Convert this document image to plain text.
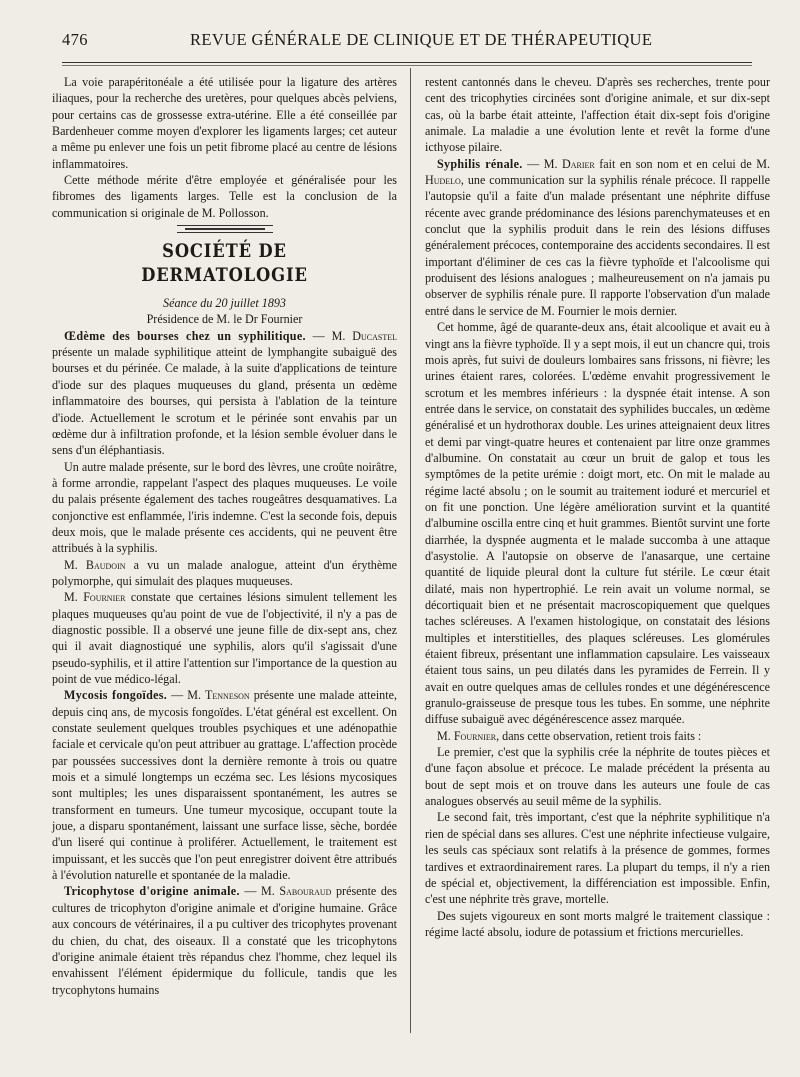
476	REVUE GÉNÉRALE DE CLINIQUE ET DE THÉRAPEUTIQUE

La voie parapéritonéale a été utilisée pour la ligature des artères iliaques, pour la recherche des uretères, pour quelques abcès pelviens, pour certains cas de grossesse extra-utérine. Elle a été conseillée par Bardenheuer comme moyen d'explorer les ligaments larges; cet auteur a même pu enlever une fois un petit fibrome placé au centre de lésions inflammatoires.

Cette méthode mérite d'être employée et généralisée pour les fibromes des ligaments larges. Telle est la conclusion de la communication si originale de M. Pollosson.

SOCIÉTÉ DE DERMATOLOGIE

Séance du 20 juillet 1893

Présidence de M. le Dr Fournier

Œdème des bourses chez un syphilitique. — M. Ducastel présente un malade syphilitique atteint de lymphangite subaiguë des bourses et du périnée. Ce malade, à la suite d'applications de teinture d'iode sur des plaques muqueuses du gland, présenta un œdème inflammatoire des bourses, qui persista à l'ablation de la teinture d'iode. Actuellement le scrotum et le périnée sont envahis par un œdème dur à infiltration profonde, et la lésion semble évoluer dans le sens d'un éléphantiasis.

Un autre malade présente, sur le bord des lèvres, une croûte noirâtre, à forme arrondie, rappelant l'aspect des plaques muqueuses. Le voile du palais présente également des taches rougeâtres desquamatives. La conjonctive est enflammée, l'iris indemne. C'est la seconde fois, depuis deux mois, que le malade présente ces accidents, qui ne peuvent être attribués à la syphilis.

M. Baudoin a vu un malade analogue, atteint d'un érythème polymorphe, qui simulait des plaques muqueuses.

M. Fournier constate que certaines lésions simulent tellement les plaques muqueuses qu'au point de vue de l'objectivité, il n'y a pas de diagnostic possible. Il a observé une jeune fille de dix-sept ans, chez qui il avait diagnostiqué une syphilis, alors qu'il s'agissait d'une pseudo-syphilis, et il attire l'attention sur l'importance de la question au point de vue médico-légal.

Mycosis fongoïdes. — M. Tenneson présente une malade atteinte, depuis cinq ans, de mycosis fongoïdes. L'état général est excellent. On constate seulement quelques troubles psychiques et une adénopathie faciale et cervicale qu'on peut attribuer au grattage. L'affection procède par poussées successives dont la dernière remonte à trois ou quatre mois et a simulé longtemps un eczéma sec. Les lésions mycosiques sont multiples; les unes disparaissent spontanément, les autres se transforment en tumeurs. Une tumeur mycosique, occupant toute la joue, a disparu spontanément, laissant une surface lisse, sèche, bordée d'un liseré qui continue à proliférer. Actuellement, le traitement est impuissant, et les succès que l'on peut enregistrer doivent être attribués à l'évolution naturelle et spontanée de la maladie.

Tricophytose d'origine animale. — M. Sabouraud présente des cultures de tricophyton d'origine animale et d'origine humaine. Grâce aux concours de vétérinaires, il a pu cultiver des tricophytes provenant du chien, du chat, des oiseaux. Il a constaté que les tricophytons d'origine animale étaient très répandus chez l'homme, chez lequel ils envahissent l'élément épidermique du follicule, tandis que les trycophytons humains

restent cantonnés dans le cheveu. D'après ses recherches, trente pour cent des tricophyties circinées sont d'origine animale, et sur dix-sept cas, où la barbe était atteinte, l'affection était dix-sept fois d'origine animale. La maladie a une évolution lente et revêt la forme d'une icthyose pilaire.

Syphilis rénale. — M. Darier fait en son nom et en celui de M. Hudelo, une communication sur la syphilis rénale précoce. Il rappelle l'autopsie qu'il a faite d'un malade présentant une néphrite diffuse récente avec grande prédominance des lésions parenchymateuses et en conclut que la syphilis produit dans le rein des lésions diffuses généralement précoces, contemporaine des accidents secondaires. Il est important d'éliminer de ces cas la fièvre typhoïde et l'alcoolisme qui produisent des lésions analogues ; malheureusement on n'a jamais pu observer de syphilis rénale pure. Il rapporte l'observation d'un malade entré dans le service de M. Fournier le mois dernier.

Cet homme, âgé de quarante-deux ans, était alcoolique et avait eu à vingt ans la fièvre typhoïde. Il y a sept mois, il eut un chancre qui, trois mois après, fut suivi de douleurs lombaires sans frissons, ni fièvre; les urines étaient rares, colorées. L'œdème envahit progressivement le scrotum et les membres inférieurs : la dyspnée était intense. A son entrée dans le service, on constatait des syphilides buccales, un œdème généralisé et un hydrothorax double. Les urines atteignaient deux litres et demi par vingt-quatre heures et contenaient par litre onze grammes d'albumine. On constatait au cœur un bruit de galop et tous les symptômes de la petite urémie : doigt mort, etc. On mit le malade au régime lacté absolu ; on le soumit au traitement ioduré et mercuriel et on fit une ponction. Une légère amélioration survint et la quantité d'albumine oscilla entre cinq et huit grammes. Bientôt survint une forte diarrhée, la dyspnée augmenta et le malade succomba à une attaque d'asystolie. A l'autopsie on observe de l'anasarque, une certaine quantité de liquide pleural dont la culture fut stérile. Le cœur était dilaté, mais non hypertrophié. Le rein avait un volume normal, se décortiquait bien et ne présentait macroscopiquement que quelques taches scléreuses. A l'examen histologique, on constatait des lésions multiples et interstitielles, des plaques scléreuses. Les glomérules étaient fibreux, présentant une inflammation capsulaire. Les vaisseaux étaient tous sains, un peu dilatés dans les pyramides de Ferrein. Il y avait en outre quelques amas de cellules rondes et une dégénérescence granulo-graisseuse de presque tous les tubes. En somme, une néphrite diffuse subaiguë avec dégénérescence assez marquée.

M. Fournier, dans cette observation, retient trois faits :

Le premier, c'est que la syphilis crée la néphrite de toutes pièces et d'une façon absolue et précoce. Le malade précédent la présenta au bout de sept mois et on trouve dans les auteurs une foule de cas analogues observés au seuil même de la syphilis.

Le second fait, très important, c'est que la néphrite syphilitique n'a rien de spécial dans ses allures. C'est une néphrite infectieuse vulgaire, les seuls cas spéciaux sont relatifs à la présence de gommes, formes tardives et extraordinairement rares. La plupart du temps, il n'y a rien de spécial et, objectivement, la différenciation est impossible. Enfin, c'est une néphrite très grave, mortelle.

Des sujets vigoureux en sont morts malgré le traitement classique : régime lacté absolu, iodure de potassium et frictions mercurielles.
